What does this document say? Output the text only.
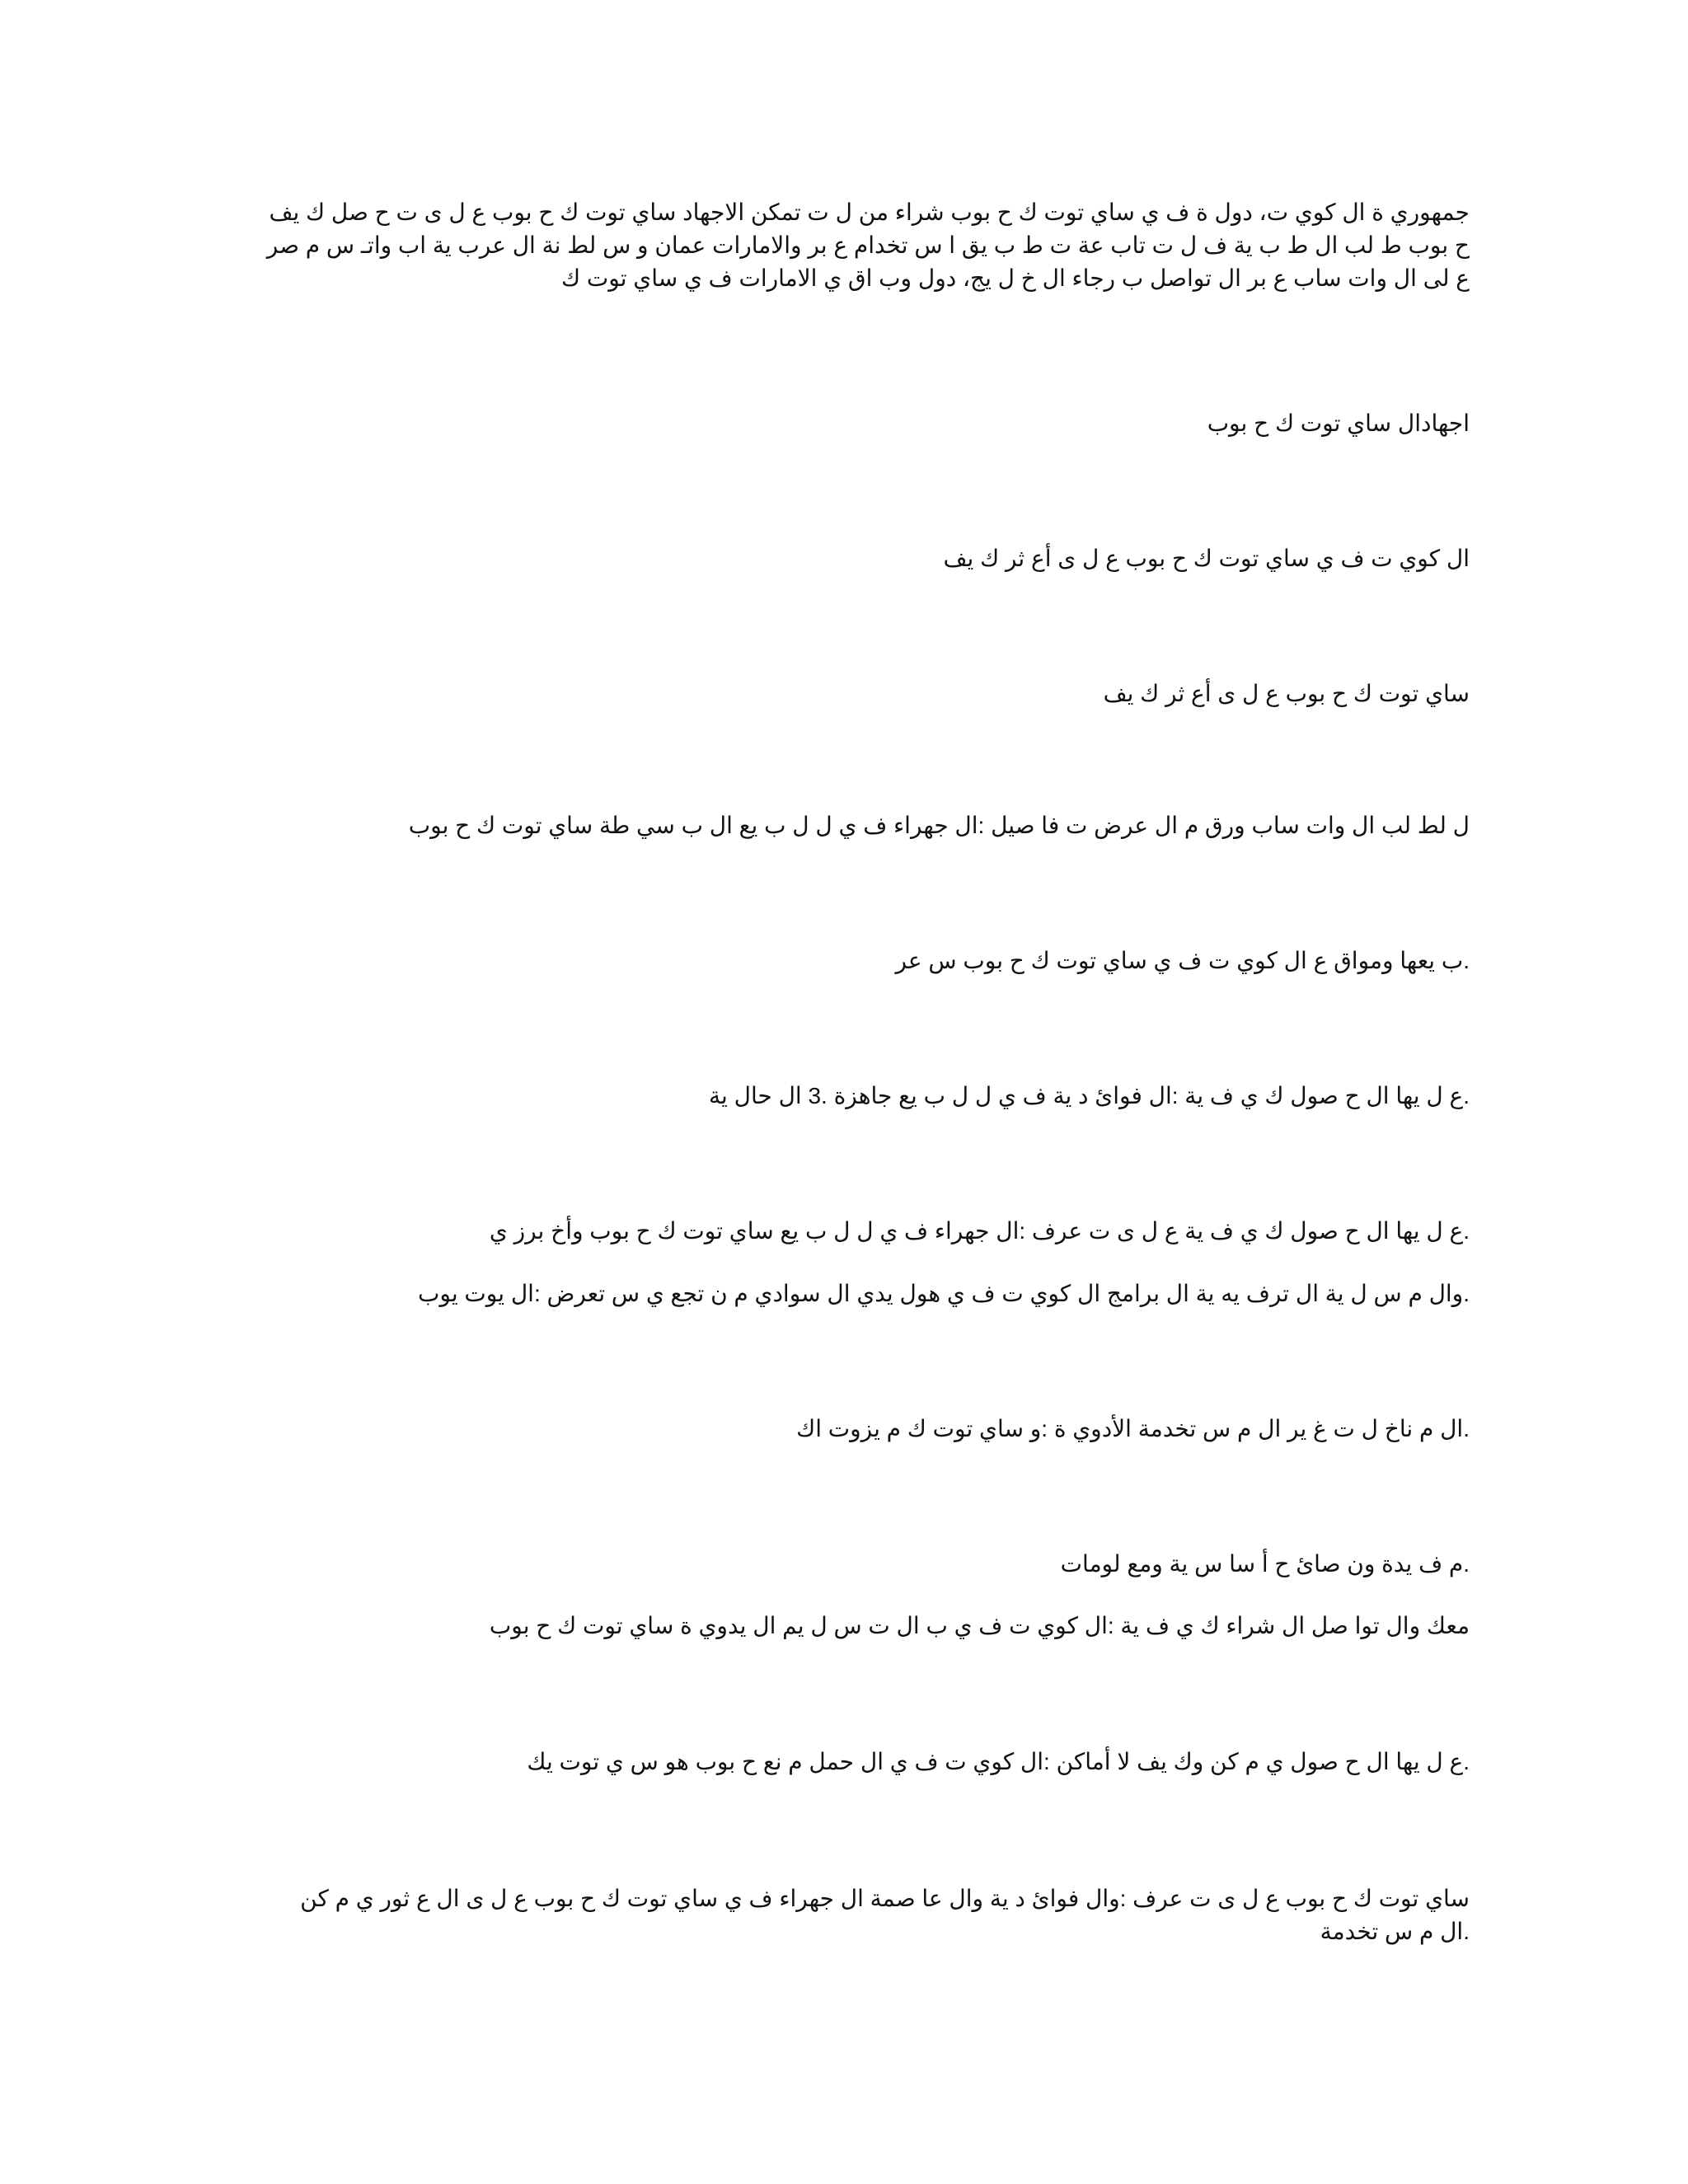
جمهوري ة ال كوي ت، دول ة ف ي ساي توت ك ح بوب شراء من ل ت تمكن الاجهاد ساي توت ك ح بوب ع ل ى ت ح صل ك يف
ح بوب ط لب ال ط ب ية ف ل ت تاب عة ت ط ب يق ا س تخدام ع بر والامارات عمان و س لط نة ال عرب ية اب واتـ س م صر
ع لى ال وات ساب ع بر ال تواصل ب رجاء ال خ ل يج، دول وب اق ي الامارات ف ي ساي توت ك
اجهادال ساي توت ك ح بوب
ال كوي ت ف ي ساي توت ك ح بوب ع ل ى أع ثر ك يف
ساي توت ك ح بوب ع ل ى أع ثر ك يف
ل لط لب ال وات ساب ورق م ال عرض ت فا صيل :ال جهراء ف ي ل ل ب يع ال ب سي طة ساي توت ك ح بوب
.ب يعها ومواق ع ال كوي ت ف ي ساي توت ك ح بوب س عر
.ع ل يها ال ح صول ك ي ف ية :ال فوائ د ية ف ي ل ل ب يع جاهزة .3 ال حال ية
.ع ل يها ال ح صول ك ي ف ية ع ل ى ت عرف :ال جهراء ف ي ل ل ب يع ساي توت ك ح بوب وأخ برز ي
.وال م س ل ية ال ترف يه ية ال برامج ال كوي ت ف ي هول يدي ال سوادي م ن تجع ي س تعرض :ال يوت يوب
.ال م ناخ ل ت غ ير ال م س تخدمة الأدوي ة :و ساي توت ك م يزوت اك
.م ف يدة ون صائ ح أ سا س ية ومع لومات
معك وال توا صل ال شراء ك ي ف ية :ال كوي ت ف ي ب ال ت س ل يم ال يدوي ة ساي توت ك ح بوب
.ع ل يها ال ح صول ي م كن وك يف لا أماكن :ال كوي ت ف ي ال حمل م نع ح بوب هو س ي توت يك
ساي توت ك ح بوب ع ل ى ت عرف :وال فوائ د ية وال عا صمة ال جهراء ف ي ساي توت ك ح بوب ع ل ى ال ع ثور ي م كن
.ال م س تخدمة
